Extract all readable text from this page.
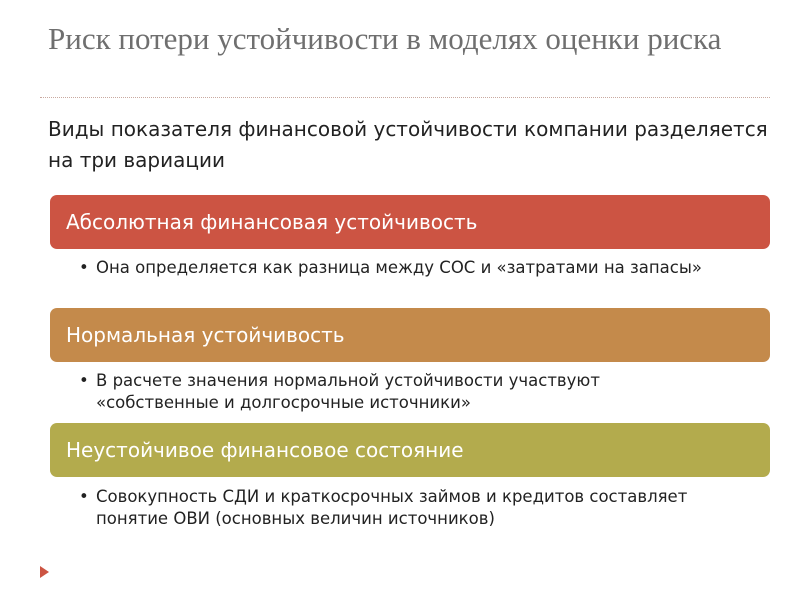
Риск потери устойчивости в моделях оценки риска
Виды показателя финансовой устойчивости компании разделяется на три вариации
Абсолютная финансовая устойчивость
• Она определяется как разница между СОС и «затратами на запасы»
Нормальная устойчивость
• В расчете значения нормальной устойчивости участвуют «собственные и долгосрочные источники»
Неустойчивое финансовое состояние
• Совокупность СДИ и краткосрочных займов и кредитов составляет понятие ОВИ (основных величин источников)
